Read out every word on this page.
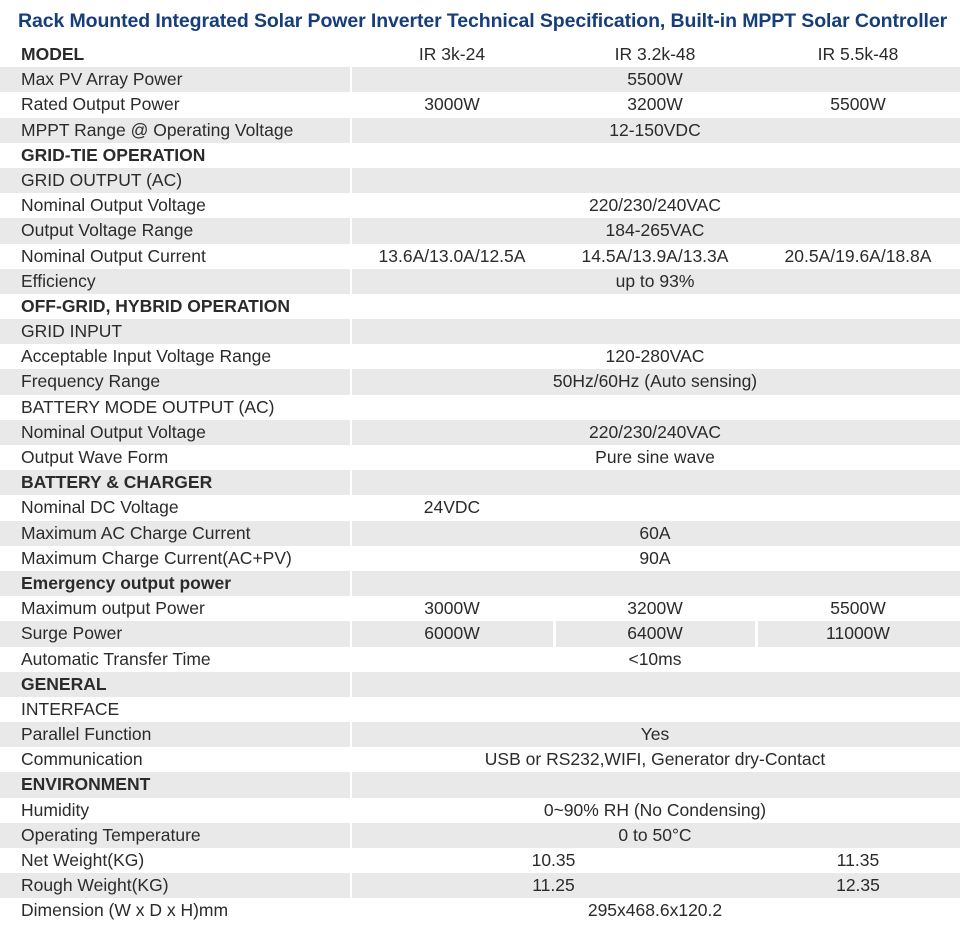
Rack Mounted Integrated Solar Power Inverter Technical Specification, Built-in MPPT Solar Controller
MODEL	IR 3k-24	IR 3.2k-48	IR 5.5k-48
Max PV Array Power	5500W
Rated Output Power	3000W	3200W	5500W
MPPT Range @ Operating Voltage	12-150VDC
GRID-TIE OPERATION
GRID OUTPUT (AC)
Nominal Output Voltage	220/230/240VAC
Output Voltage Range	184-265VAC
Nominal Output Current	13.6A/13.0A/12.5A	14.5A/13.9A/13.3A	20.5A/19.6A/18.8A
Efficiency	up to 93%
OFF-GRID, HYBRID OPERATION
GRID INPUT
Acceptable Input Voltage Range	120-280VAC
Frequency Range	50Hz/60Hz (Auto sensing)
BATTERY MODE OUTPUT (AC)
Nominal Output Voltage	220/230/240VAC
Output Wave Form	Pure sine wave
BATTERY & CHARGER
Nominal DC Voltage	24VDC
Maximum AC Charge Current	60A
Maximum Charge Current(AC+PV)	90A
Emergency output power
Maximum output Power	3000W	3200W	5500W
Surge Power	6000W	6400W	11000W
Automatic Transfer Time	<10ms
GENERAL
INTERFACE
Parallel Function	Yes
Communication	USB or RS232,WIFI, Generator dry-Contact
ENVIRONMENT
Humidity	0~90% RH (No Condensing)
Operating Temperature	0 to 50°C
Net Weight(KG)	10.35	11.35
Rough Weight(KG)	11.25	12.35
Dimension (W x D x H)mm	295x468.6x120.2
